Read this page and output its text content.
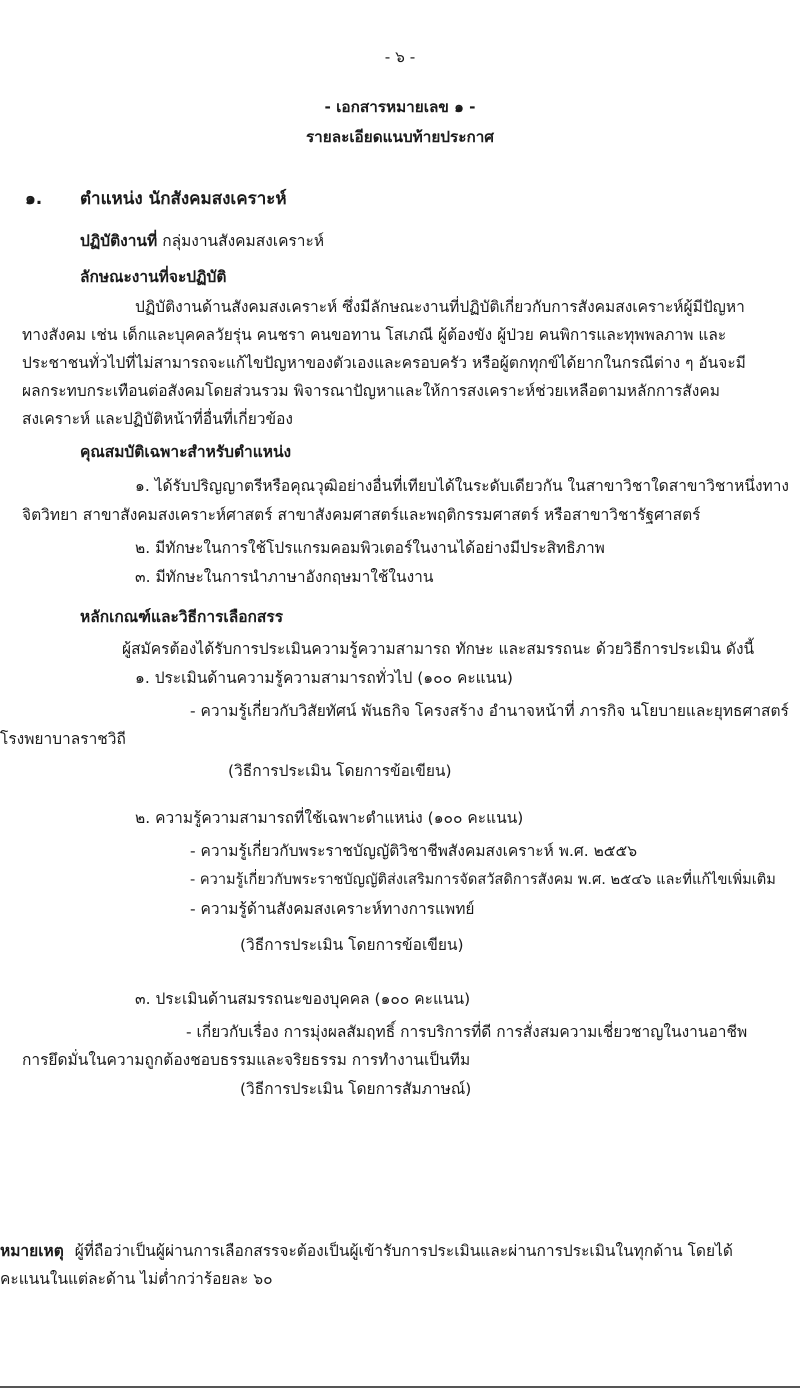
- ๖ -
- เอกสารหมายเลข ๑ -
รายละเอียดแนบท้ายประกาศ
๑. ตำแหน่ง นักสังคมสงเคราะห์
ปฏิบัติงานที่ กลุ่มงานสังคมสงเคราะห์
ลักษณะงานที่จะปฏิบัติ
ปฏิบัติงานด้านสังคมสงเคราะห์ ซึ่งมีลักษณะงานที่ปฏิบัติเกี่ยวกับการสังคมสงเคราะห์ผู้มีปัญหา
ทางสังคม เช่น เด็กและบุคคลวัยรุ่น คนชรา คนขอทาน โสเภณี ผู้ต้องขัง ผู้ป่วย คนพิการและทุพพลภาพ และ
ประชาชนทั่วไปที่ไม่สามารถจะแก้ไขปัญหาของตัวเองและครอบครัว หรือผู้ตกทุกข์ได้ยากในกรณีต่าง ๆ อันจะมี
ผลกระทบกระเทือนต่อสังคมโดยส่วนรวม พิจารณาปัญหาและให้การสงเคราะห์ช่วยเหลือตามหลักการสังคม
สงเคราะห์ และปฏิบัติหน้าที่อื่นที่เกี่ยวข้อง
คุณสมบัติเฉพาะสำหรับตำแหน่ง
๑. ได้รับปริญญาตรีหรือคุณวุฒิอย่างอื่นที่เทียบได้ในระดับเดียวกัน ในสาขาวิชาใดสาขาวิชาหนึ่งทาง
จิตวิทยา สาขาสังคมสงเคราะห์ศาสตร์ สาขาสังคมศาสตร์และพฤติกรรมศาสตร์ หรือสาขาวิชารัฐศาสตร์
๒. มีทักษะในการใช้โปรแกรมคอมพิวเตอร์ในงานได้อย่างมีประสิทธิภาพ
๓. มีทักษะในการนำภาษาอังกฤษมาใช้ในงาน
หลักเกณฑ์และวิธีการเลือกสรร
ผู้สมัครต้องได้รับการประเมินความรู้ความสามารถ ทักษะ และสมรรถนะ ด้วยวิธีการประเมิน ดังนี้
๑. ประเมินด้านความรู้ความสามารถทั่วไป (๑๐๐ คะแนน)
- ความรู้เกี่ยวกับวิสัยทัศน์ พันธกิจ โครงสร้าง อำนาจหน้าที่ ภารกิจ นโยบายและยุทธศาสตร์
โรงพยาบาลราชวิถี
(วิธีการประเมิน โดยการข้อเขียน)
๒. ความรู้ความสามารถที่ใช้เฉพาะตำแหน่ง (๑๐๐ คะแนน)
- ความรู้เกี่ยวกับพระราชบัญญัติวิชาชีพสังคมสงเคราะห์ พ.ศ. ๒๕๕๖
- ความรู้เกี่ยวกับพระราชบัญญัติส่งเสริมการจัดสวัสดิการสังคม พ.ศ. ๒๕๔๖ และที่แก้ไขเพิ่มเติม
- ความรู้ด้านสังคมสงเคราะห์ทางการแพทย์
(วิธีการประเมิน โดยการข้อเขียน)
๓. ประเมินด้านสมรรถนะของบุคคล (๑๐๐ คะแนน)
- เกี่ยวกับเรื่อง การมุ่งผลสัมฤทธิ์ การบริการที่ดี การสั่งสมความเชี่ยวชาญในงานอาชีพ
การยึดมั่นในความถูกต้องชอบธรรมและจริยธรรม การทำงานเป็นทีม
(วิธีการประเมิน โดยการสัมภาษณ์)
หมายเหตุ ผู้ที่ถือว่าเป็นผู้ผ่านการเลือกสรรจะต้องเป็นผู้เข้ารับการประเมินและผ่านการประเมินในทุกด้าน โดยได้
คะแนนในแต่ละด้าน ไม่ต่ำกว่าร้อยละ ๖๐
